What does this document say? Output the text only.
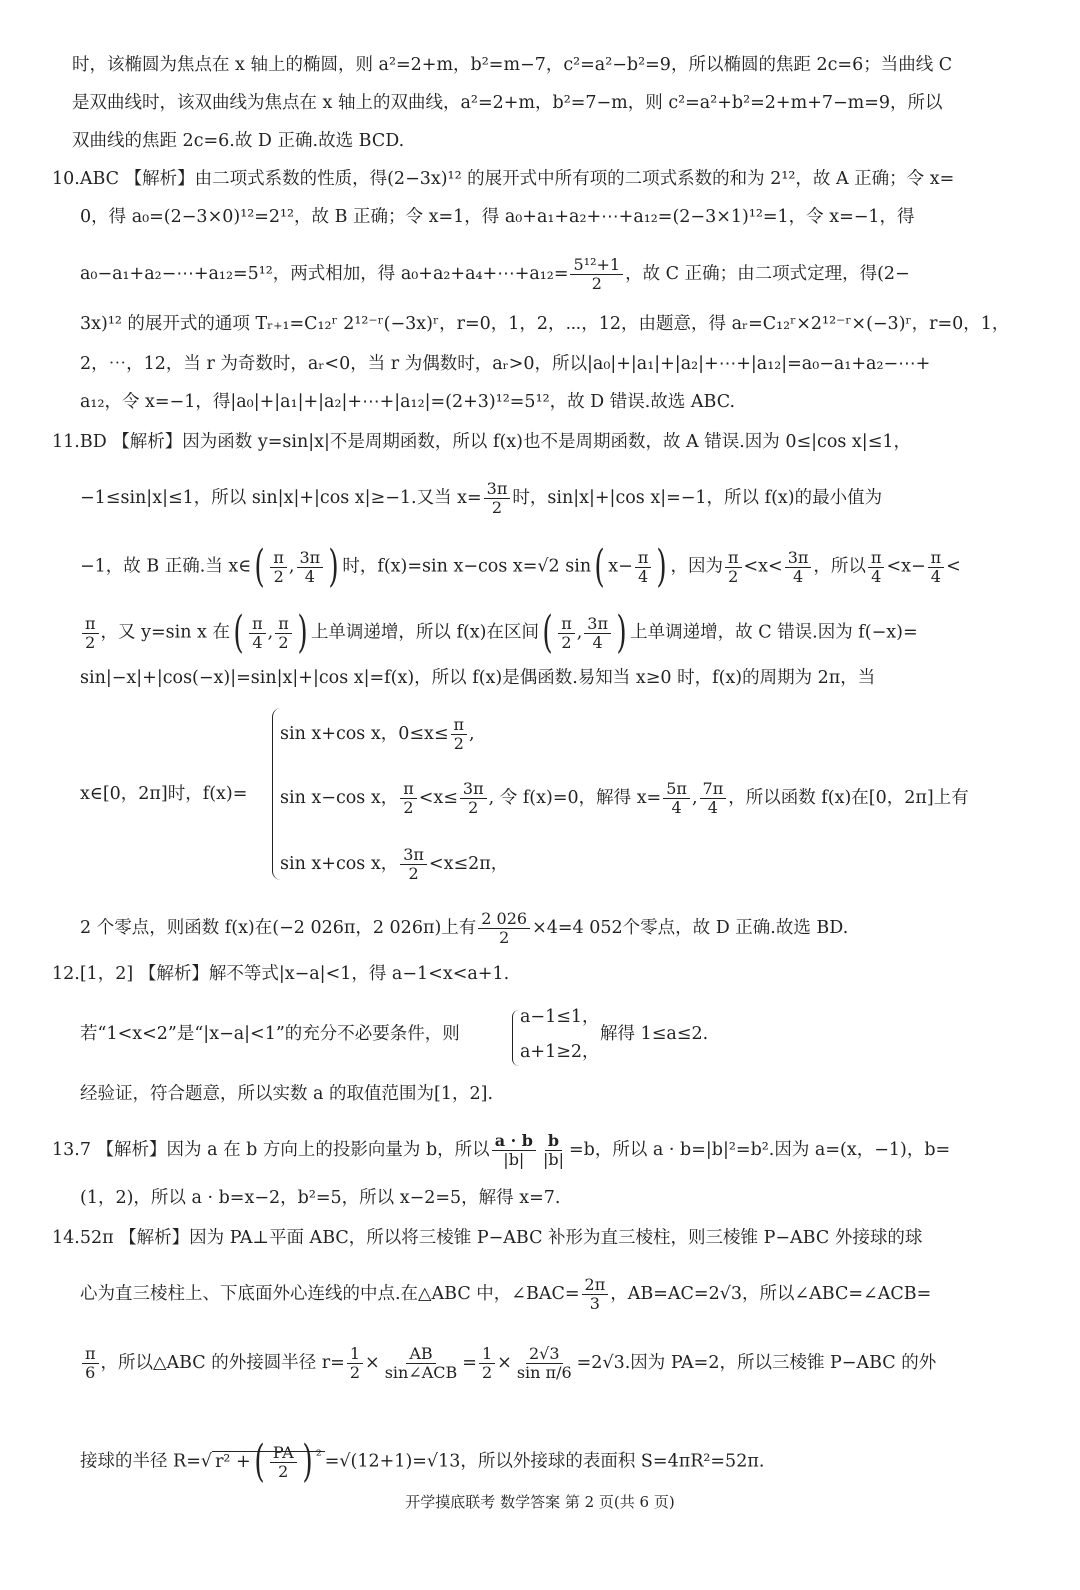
时，该椭圆为焦点在 x 轴上的椭圆，则 a²=2+m，b²=m−7，c²=a²−b²=9，所以椭圆的焦距 2c=6；当曲线 C
是双曲线时，该双曲线为焦点在 x 轴上的双曲线，a²=2+m，b²=7−m，则 c²=a²+b²=2+m+7−m=9，所以
双曲线的焦距 2c=6.故 D 正确.故选 BCD.
10.ABC 【解析】由二项式系数的性质，得(2−3x)¹² 的展开式中所有项的二项式系数的和为 2¹²，故 A 正确；令 x=
0，得 a₀=(2−3×0)¹²=2¹²，故 B 正确；令 x=1，得 a₀+a₁+a₂+⋯+a₁₂=(2−3×1)¹²=1，令 x=−1，得
a₀−a₁+a₂−⋯+a₁₂=5¹²，两式相加，得 a₀+a₂+a₄+⋯+a₁₂= $\frac{\text{5¹²+1}}{2}$ ，故 C 正确；由二项式定理，得(2−
3x)¹² 的展开式的通项 Tᵣ₊₁=C₁₂ʳ 2¹²⁻ʳ(−3x)ʳ，r=0，1，2，⋯，12，由题意，得 aᵣ=C₁₂ʳ×2¹²⁻ʳ×(−3)ʳ，r=0，1，
2，⋯，12，当 r 为奇数时，aᵣ<0，当 r 为偶数时，aᵣ>0，所以|a₀|+|a₁|+|a₂|+⋯+|a₁₂|=a₀−a₁+a₂−⋯+
a₁₂，令 x=−1，得|a₀|+|a₁|+|a₂|+⋯+|a₁₂|=(2+3)¹²=5¹²，故 D 错误.故选 ABC.
11.BD 【解析】因为函数 y=sin|x|不是周期函数，所以 f(x)也不是周期函数，故 A 错误.因为 0≤|cos x|≤1，
−1≤sin|x|≤1，所以 sin|x|+|cos x|≥−1.又当 $x= \frac{3\pi}{2}$ 时，sin|x|+|cos x|=−1，所以 f(x)的最小值为
−1，故 B 正确.当 x∈( $\frac{\pi}{2}$ , $\frac{3\pi}{4}$ ) 时，f(x)=sin x−cos x=√2 sin( $x- \frac{\pi}{4}$ ) ，因为 $\frac{\pi}{2} <x< \frac{3\pi}{4}$ ，所以 $\frac{\pi}{4} <x- \frac{\pi}{4}$ <
$\frac{\pi}{2}$ ，又 y=sin x 在( $\frac{\pi}{4}$ , $\frac{\pi}{2}$ ) 上单调递增，所以 f(x)在区间( $\frac{\pi}{2}$ , $\frac{3\pi}{4}$ ) 上单调递增，故 C 错误.因为 f(−x)=
sin|−x|+|cos(−x)|=sin|x|+|cos x|=f(x)，所以 f(x)是偶函数.易知当 x≥0 时，f(x)的周期为 2π，当
x∈[0，2π]时，f(x)=
sin x+cos x，$0\le x\le \frac{\pi}{2}$ ,
sin x−cos x， $\frac{\pi}{2} <x\le \frac{3\pi}{2}$ , 令 f(x)=0，解得 $x= \frac{5\pi}{4}$ , $\frac{7\pi}{4}$ ，所以函数 f(x)在[0，2π]上有
sin x+cos x， $\frac{3\pi}{2} <x\le 2\pi$，
2 个零点，则函数 f(x)在(−2 026π，2 026π)上有 $\frac{2 026}{2} \times 4=4$ 052个零点，故 D 正确.故选 BD.
12.[1，2] 【解析】解不等式|x−a|<1，得 a−1<x<a+1.
若“1<x<2”是“|x−a|<1”的充分不必要条件，则
a−1≤1，
a+1≥2，
解得 1≤a≤2.
经验证，符合题意，所以实数 a 的取值范围为[1，2].
13.7 【解析】因为 a 在 b 方向上的投影向量为 b，所以 $\frac{a \cdot b}{|b|} \frac{b}{|b|} =b$，所以 a · b=|b|²=b².因为 a=(x，−1)，b=
(1，2)，所以 a · b=x−2，b²=5，所以 x−2=5，解得 x=7.
14.52π 【解析】因为 PA⊥平面 ABC，所以将三棱锥 P−ABC 补形为直三棱柱，则三棱锥 P−ABC 外接球的球
心为直三棱柱上、下底面外心连线的中点.在△ABC 中，∠BAC= $\frac{2\pi}{3}$ ，AB=AC=2√3，所以∠ABC=∠ACB=
$\frac{\pi}{6}$ ，所以△ABC 的外接圆半径 $r= \frac{1}{2}$ × AB
sin∠ACB = $\frac{1}{2} \times \frac{2√3}{\text{sin π/6}} =2√3$.因为 PA=2，所以三棱锥 P−ABC 的外
接球的半径 R=√ r² +( $\frac{PA}{2}$ ) $^{^2}$ =√(12+1)=√13，所以外接球的表面积 S=4πR²=52π.
开学摸底联考 数学答案 第 2 页(共 6 页)
